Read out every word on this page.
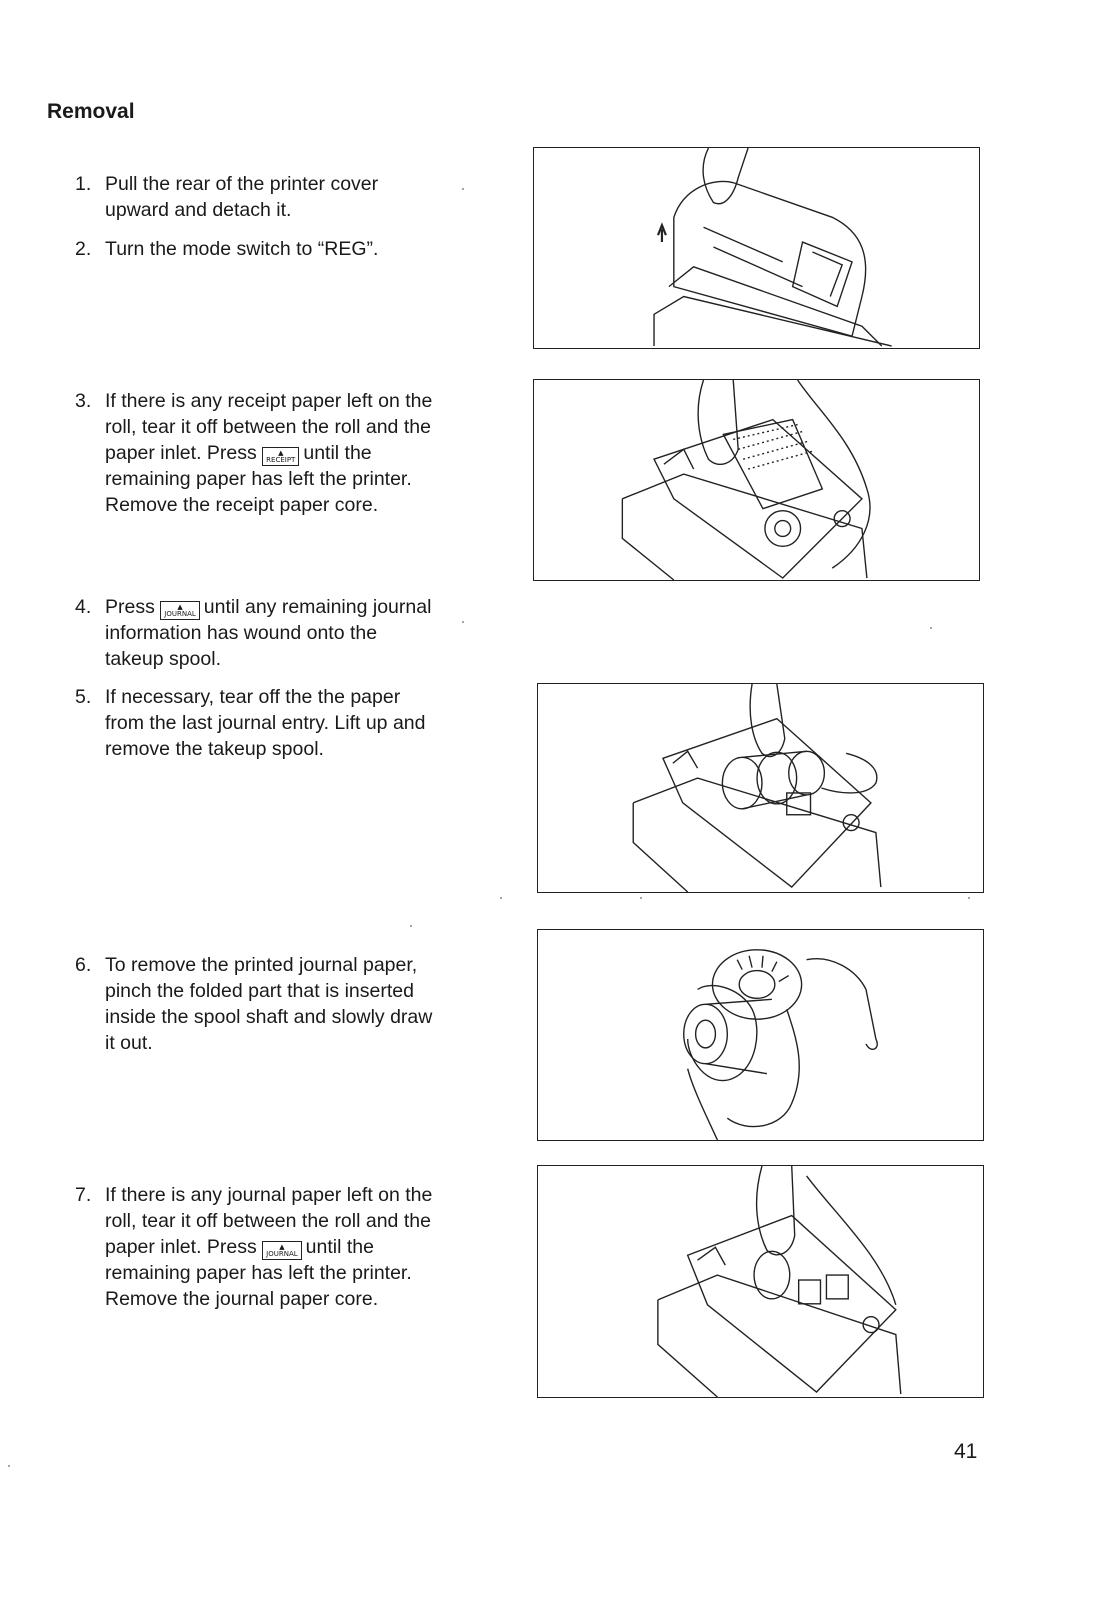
Removal
1. Pull the rear of the printer cover upward and detach it.
2. Turn the mode switch to “REG”.
3. If there is any receipt paper left on the roll, tear it off between the roll and the paper inlet. Press	▲
RECEIPT until the remaining paper has left the printer. Remove the receipt paper core.
4. Press	▲
JOURNAL until any remaining journal information has wound onto the takeup spool.
5. If necessary, tear off the the paper from the last journal entry. Lift up and remove the takeup spool.
6. To remove the printed journal paper, pinch the folded part that is inserted inside the spool shaft and slowly draw it out.
7. If there is any journal paper left on the roll, tear it off between the roll and the paper inlet. Press	▲
JOURNAL until the remaining paper has left the printer. Remove the journal paper core.
41
